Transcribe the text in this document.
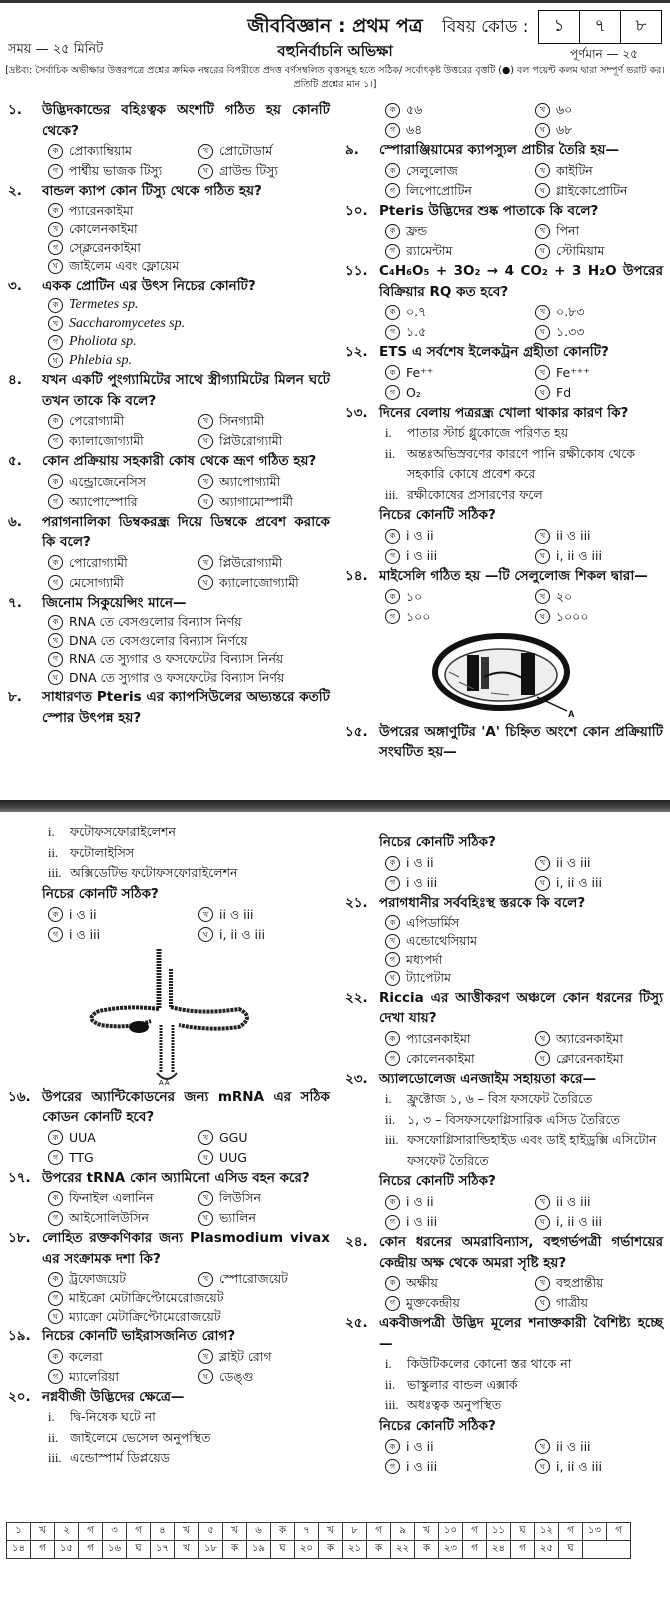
জীববিজ্ঞান : প্রথম পত্র	বিষয় কোড :	১	৭	৮
সময় — ২৫ মিনিট	বহুনির্বাচনি অভিক্ষা	পূর্ণমান — ২৫
[দ্রষ্টব্য: সৈর্বাচিক অভীক্ষার উত্তরপত্রে প্রশ্নের ক্রমিক নম্বরের বিপরীতে প্রদত্ত বর্ণসম্বলিত বৃত্তসমূহ হতে সঠিক/ সর্বোৎকৃষ্ট উত্তরের বৃত্তটি (●) বল পয়েন্ট কলম দ্বারা সম্পূর্ণ ভরাট কর। প্রতিটি প্রশ্নের মান ১।]
১.	উদ্ভিদকান্ডের বহিঃত্বক অংশটি গঠিত হয় কোনটি থেকে?
ক প্রোক্যাম্বিয়াম	খ প্রোটোডার্ম
গ পার্শ্বীয় ভাজক টিস্যু	ঘ গ্রাউন্ড টিস্যু
২.	বান্ডল ক্যাপ কোন টিস্যু থেকে গঠিত হয়?
ক প্যারেনকাইমা
খ কোলেনকাইমা
গ স্ক্লেরেনকাইমা
ঘ জাইলেম এবং ফ্লোয়েম
৩.	একক প্রোটিন এর উৎস নিচের কোনটি?
ক Termetes sp.
খ Saccharomycetes sp.
গ Pholiota sp.
ঘ Phlebia sp.
৪.	যখন একটি পুংগ্যামিটের সাথে স্ত্রীগ্যামিটের মিলন ঘটে তখন তাকে কি বলে?
ক পেরোগ্যামী	খ সিনগ্যামী
গ ক্যালাজোগ্যামী	ঘ প্লিউরোগ্যামী
৫.	কোন প্রক্রিয়ায় সহকারী কোষ থেকে ভ্রূণ গঠিত হয়?
ক এন্ড্রোজেনেসিস	খ অ্যাপোগ্যামী
গ অ্যাপোস্পোরি	ঘ অ্যাগামোস্পার্মী
৬.	পরাগনালিকা ডিম্বকরন্ধ্র দিয়ে ডিম্বকে প্রবেশ করাকে কি বলে?
ক পোরোগ্যামী	খ প্লিউরোগ্যামী
গ মেসোগ্যামী	ঘ ক্যালোজোগ্যামী
৭.	জিনোম সিকুয়েন্সিং মানে—
ক RNA তে বেসগুলোর বিন্যাস নির্ণয়
খ DNA তে বেসগুলোর বিন্যাস নির্ণয়ে
গ RNA তে স্যুগার ও ফসফেটের বিন্যাস নির্নয়
ঘ DNA তে স্যুগার ও ফসফেটের বিন্যাস নির্ণয়
৮.	সাধারণত Pteris এর ক্যাপসিউলের অভ্যন্তরে কতটি স্পোর উৎপন্ন হয়?
ক ৫৬	খ ৬০
গ ৬৪	ঘ ৬৮
৯.	স্পোরাঞ্জিয়ামের ক্যাপস্যুল প্রাচীর তৈরি হয়—
ক সেলুলোজ	খ কাইটিন
গ লিপোপ্রোটিন	ঘ গ্লাইকোপ্রোটিন
১০. Pteris উদ্ভিদের শুষ্ক পাতাকে কি বলে?
ক ফ্রন্ড	খ পিনা
গ র‍্যামেন্টাম	ঘ স্টোমিয়াম
১১. C₄H₆O₅ + 3O₂ → 4 CO₂ + 3 H₂O উপরের বিক্রিয়ার RQ কত হবে?
ক ০.৭	খ ০.৮৩
গ ১.৫	ঘ ১.৩৩
১২. ETS এ সর্বশেষ ইলেকট্রন গ্রহীতা কোনটি?
ক Fe⁺⁺	খ Fe⁺⁺⁺
গ O₂	ঘ Fd
১৩. দিনের বেলায় পত্ররন্ধ্র খোলা থাকার কারণ কি?
i.	পাতার স্টার্চ গ্লুকোজে পরিণত হয়
ii. অন্তঃঅভিস্রবণের কারণে পানি রক্ষীকোষ থেকে সহকারি কোষে প্রবেশ করে
iii. রক্ষীকোষের প্রসারণের ফলে
নিচের কোনটি সঠিক?
ক i ও ii	খ ii ও iii
গ i ও iii	ঘ i, ii ও iii
১৪. মাইসেলি গঠিত হয় —টি সেলুলোজ শিকল দ্বারা—
ক ১০	খ ২০
গ ১০০	ঘ ১০০০
A
১৫. উপরের অঙ্গাণুটির 'A' চিহ্নিত অংশে কোন প্রক্রিয়াটি সংঘটিত হয়—
i.	ফটোফসফোরাইলেশন
ii. ফটোলাইসিস
iii. অক্সিডেটিভ ফটোফসফোরাইলেশন
নিচের কোনটি সঠিক?
ক i ও ii	খ ii ও iii
গ i ও iii	ঘ i, ii ও iii
A A
১৬. উপরের অ্যান্টিকোডনের জন্য mRNA এর সঠিক কোডন কোনটি হবে?
ক UUA	খ GGU
গ TTG	ঘ UUG
১৭. উপরের tRNA কোন অ্যামিনো এসিড বহন করে?
ক ফিনাইল এলানিন	খ লিউসিন
গ আইসোলিউসিন	ঘ ভ্যালিন
১৮. লোহিত রক্তকণিকার জন্য Plasmodium vivax এর সংক্রামক দশা কি?
ক ট্রফোজয়েট	খ স্পোরোজয়েট
গ মাইক্রো মেটাক্রিপ্টোমেরোজয়েট
ঘ ম্যাক্রো মেটাক্রিপ্টোমেরোজয়েট
১৯. নিচের কোনটি ভাইরাসজনিত রোগ?
ক কলেরা	খ ব্লাইট রোগ
গ ম্যালেরিয়া	ঘ ডেঙ্গু
২০. নগ্নবীজী উদ্ভিদের ক্ষেত্রে—
i.	দ্বি-নিষেক ঘটে না
ii. জাইলেমে ভেসেল অনুপস্থিত
iii. এন্ডোস্পার্ম ডিপ্লয়েড
নিচের কোনটি সঠিক?
ক i ও ii	খ ii ও iii
গ i ও iii	ঘ i, ii ও iii
২১. পরাগধানীর সর্ববহিঃস্থ স্তরকে কি বলে?
ক এপিডার্মিস
খ এন্ডোথেসিয়াম
গ মধ্যপর্দা
ঘ ট্যাপেটাম
২২. Riccia এর আত্তীকরণ অঞ্চলে কোন ধরনের টিস্যু দেখা যায়?
ক প্যারেনকাইমা	খ অ্যারেনকাইমা
গ কোলেনকাইমা	ঘ ক্লোরেনকাইমা
২৩. অ্যালডোলেজ এনজাইম সহায়তা করে—
i.	ফ্রুক্টোজ ১, ৬ – বিস ফসফেট তৈরিতে
ii. ১, ৩ – বিসফসফোগ্লিসারিক এসিড তৈরিতে
iii. ফসফোগ্লিসারাল্ডিহাইড এবং ডাই হাইড্রক্সি এসিটোন ফসফেট তৈরিতে
নিচের কোনটি সঠিক?
ক i ও ii	খ ii ও iii
গ i ও iii	ঘ i, ii ও iii
২৪. কোন ধরনের অমরাবিন্যাস, বহুগর্ভপত্রী গর্ভাশয়ের কেন্দ্রীয় অক্ষ থেকে অমরা সৃষ্টি হয়?
ক অক্ষীয়	খ বহুপ্রান্তীয়
গ মুক্তকেন্দ্রীয়	ঘ গাত্রীয়
২৫. একবীজপত্রী উদ্ভিদ মূলের শনাক্তকারী বৈশিষ্ট্য হচ্ছে—
i.	কিউটিকলের কোনো স্তর থাকে না
ii. ভাস্কুলার বান্ডল এক্সার্ক
iii. অধঃত্বক অনুপস্থিত
নিচের কোনটি সঠিক?
ক i ও ii	খ ii ও iii
গ i ও iii	ঘ i, ii ও iii
১	খ	২	গ	৩	গ	৪	খ	৫	খ	৬	ক	৭	খ	৮	গ	৯	খ	১০	গ	১১	ঘ	১২	গ	১৩	গ
১৪	গ	১৫	গ	১৬	ঘ	১৭	খ	১৮	ক	১৯	ঘ	২০	ক	২১	ক	২২	ক	২৩	গ	২৪	গ	২৫	ঘ		
